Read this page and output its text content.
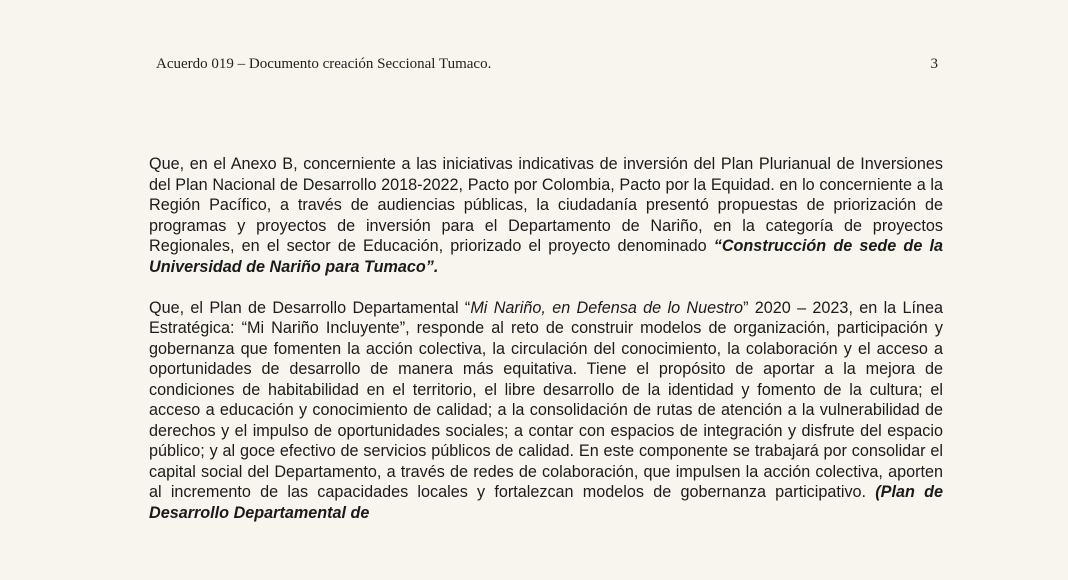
Acuerdo 019 – Documento creación Seccional Tumaco.	3

Que, en el Anexo B, concerniente a las iniciativas indicativas de inversión del Plan Plurianual de Inversiones del Plan Nacional de Desarrollo 2018-2022, Pacto por Colombia, Pacto por la Equidad. en lo concerniente a la Región Pacífico, a través de audiencias públicas, la ciudadanía presentó propuestas de priorización de programas y proyectos de inversión para el Departamento de Nariño, en la categoría de proyectos Regionales, en el sector de Educación, priorizado el proyecto denominado “Construcción de sede de la Universidad de Nariño para Tumaco”.

Que, el Plan de Desarrollo Departamental “Mi Nariño, en Defensa de lo Nuestro” 2020 – 2023, en la Línea Estratégica: “Mi Nariño Incluyente”, responde al reto de construir modelos de organización, participación y gobernanza que fomenten la acción colectiva, la circulación del conocimiento, la colaboración y el acceso a oportunidades de desarrollo de manera más equitativa. Tiene el propósito de aportar a la mejora de condiciones de habitabilidad en el territorio, el libre desarrollo de la identidad y fomento de la cultura; el acceso a educación y conocimiento de calidad; a la consolidación de rutas de atención a la vulnerabilidad de derechos y el impulso de oportunidades sociales; a contar con espacios de integración y disfrute del espacio público; y al goce efectivo de servicios públicos de calidad. En este componente se trabajará por consolidar el capital social del Departamento, a través de redes de colaboración, que impulsen la acción colectiva, aporten al incremento de las capacidades locales y fortalezcan modelos de gobernanza participativo. (Plan de Desarrollo Departamental de
